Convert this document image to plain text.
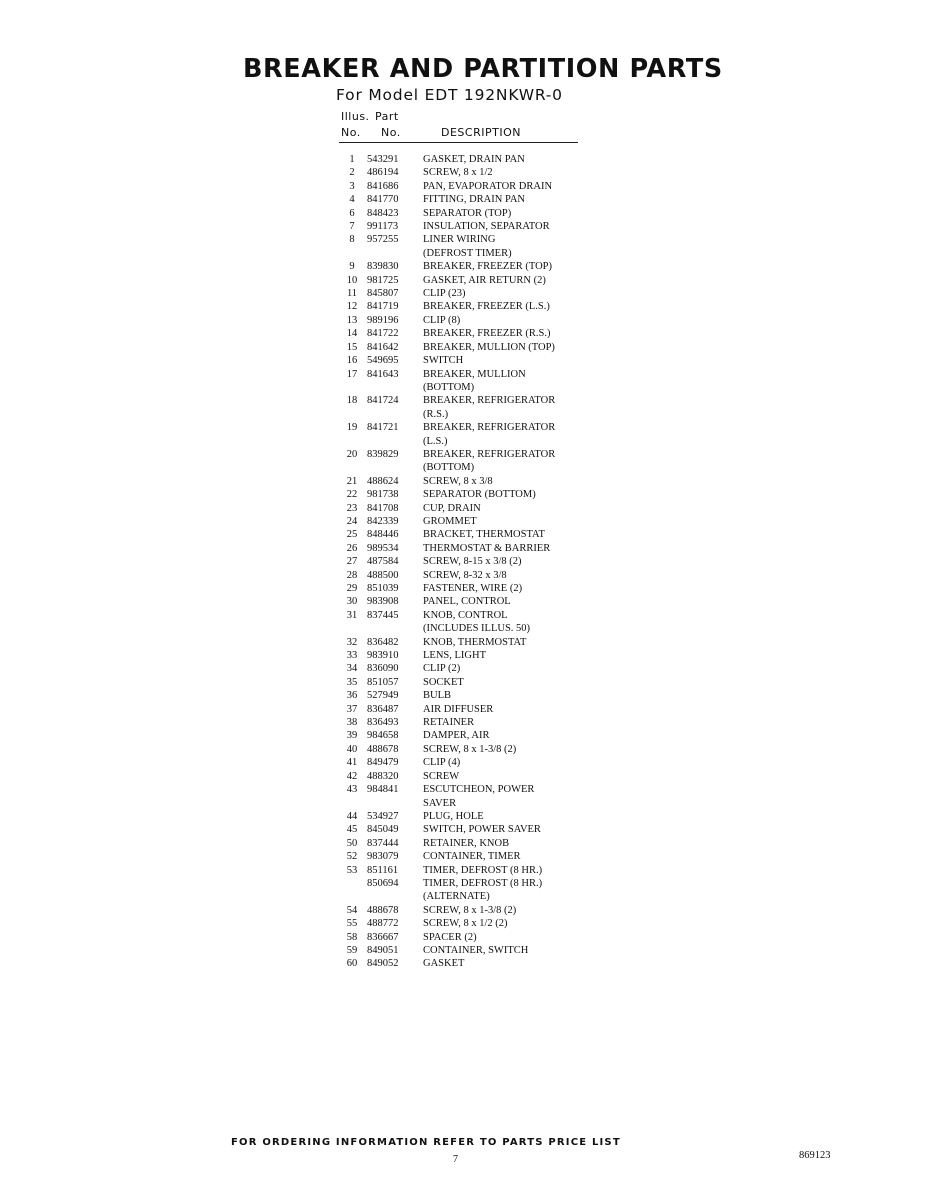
BREAKER AND PARTITION PARTS
For Model EDT 192NKWR-0
Illus. Part
No. No.	DESCRIPTION
1	543291	GASKET, DRAIN PAN
2	486194	SCREW, 8 x 1/2
3	841686	PAN, EVAPORATOR DRAIN
4	841770	FITTING, DRAIN PAN
6	848423	SEPARATOR (TOP)
7	991173	INSULATION, SEPARATOR
8	957255	LINER WIRING
(DEFROST TIMER)
9	839830	BREAKER, FREEZER (TOP)
10 981725	GASKET, AIR RETURN (2)
11 845807	CLIP (23)
12 841719	BREAKER, FREEZER (L.S.)
13 989196	CLIP (8)
14 841722	BREAKER, FREEZER (R.S.)
15 841642	BREAKER, MULLION (TOP)
16 549695	SWITCH
17 841643	BREAKER, MULLION
(BOTTOM)
18 841724	BREAKER, REFRIGERATOR
(R.S.)
19 841721	BREAKER, REFRIGERATOR
(L.S.)
20 839829	BREAKER, REFRIGERATOR
(BOTTOM)
21 488624	SCREW, 8 x 3/8
22 981738	SEPARATOR (BOTTOM)
23 841708	CUP, DRAIN
24 842339	GROMMET
25 848446	BRACKET, THERMOSTAT
26 989534	THERMOSTAT & BARRIER
27 487584	SCREW, 8-15 x 3/8 (2)
28 488500	SCREW, 8-32 x 3/8
29 851039	FASTENER, WIRE (2)
30 983908	PANEL, CONTROL
31 837445	KNOB, CONTROL
(INCLUDES ILLUS. 50)
32 836482	KNOB, THERMOSTAT
33 983910	LENS, LIGHT
34 836090	CLIP (2)
35 851057	SOCKET
36 527949	BULB
37 836487	AIR DIFFUSER
38 836493	RETAINER
39 984658	DAMPER, AIR
40 488678	SCREW, 8 x 1-3/8 (2)
41 849479	CLIP (4)
42 488320	SCREW
43 984841	ESCUTCHEON, POWER
SAVER
44 534927	PLUG, HOLE
45 845049	SWITCH, POWER SAVER
50 837444	RETAINER, KNOB
52 983079	CONTAINER, TIMER
53 851161	TIMER, DEFROST (8 HR.)
850694	TIMER, DEFROST (8 HR.)
(ALTERNATE)
54 488678	SCREW, 8 x 1-3/8 (2)
55 488772	SCREW, 8 x 1/2 (2)
58 836667	SPACER (2)
59 849051	CONTAINER, SWITCH
60 849052	GASKET
FOR ORDERING INFORMATION REFER TO PARTS PRICE LIST
7	869123
